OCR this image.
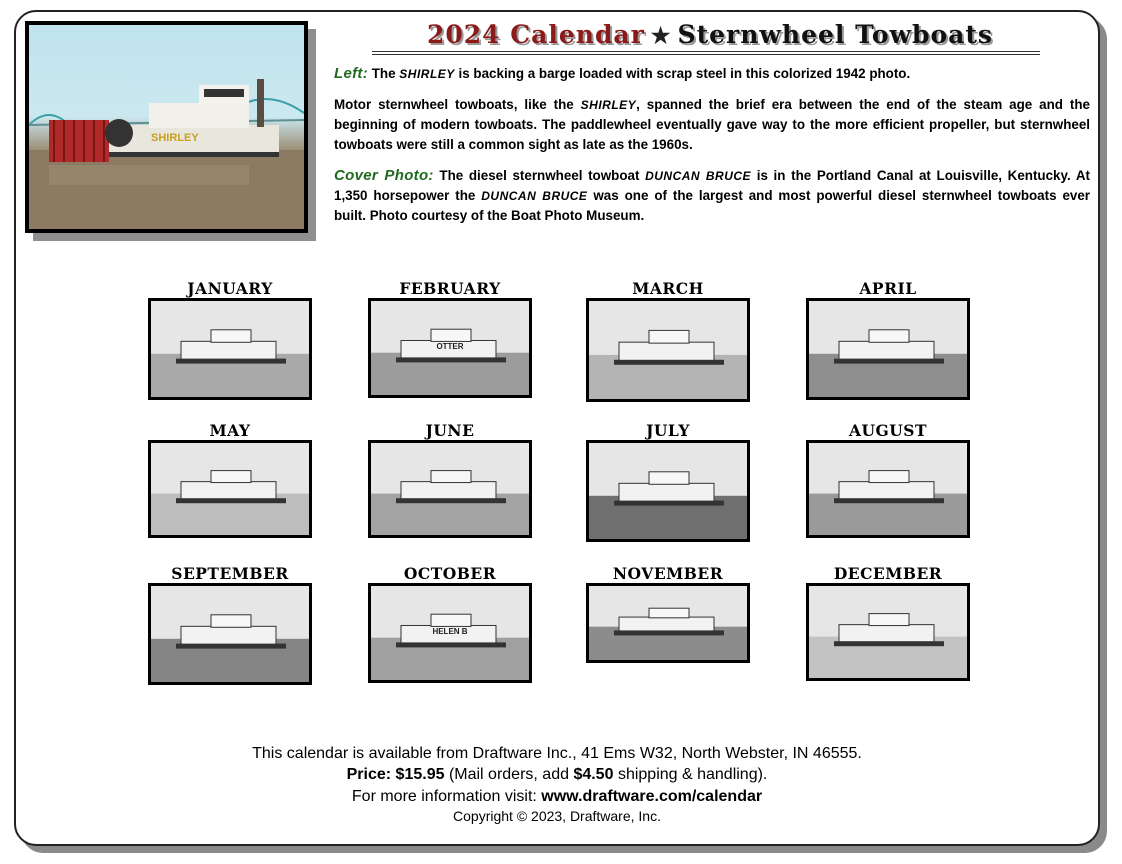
SHIRLEY
2024 Calendar ★ Sternwheel Towboats
Left: The SHIRLEY is backing a barge loaded with scrap steel in this colorized 1942 photo.
Motor sternwheel towboats, like the SHIRLEY, spanned the brief era between the end of the steam age and the beginning of modern towboats. The paddlewheel eventually gave way to the more efficient propeller, but sternwheel towboats were still a common sight as late as the 1960s.
Cover Photo: The diesel sternwheel towboat DUNCAN BRUCE is in the Portland Canal at Louisville, Kentucky. At 1,350 horsepower the DUNCAN BRUCE was one of the largest and most powerful diesel sternwheel towboats ever built. Photo courtesy of the Boat Photo Museum.
JANUARY	FEBRUARY
OTTER
MARCH	APRIL
MAY	JUNE	JULY	AUGUST
SEPTEMBER	OCTOBER
HELEN B
NOVEMBER	DECEMBER
This calendar is available from Draftware Inc., 41 Ems W32, North Webster, IN 46555.
Price: $15.95 (Mail orders, add $4.50 shipping & handling).
For more information visit: www.draftware.com/calendar
Copyright © 2023, Draftware, Inc.
